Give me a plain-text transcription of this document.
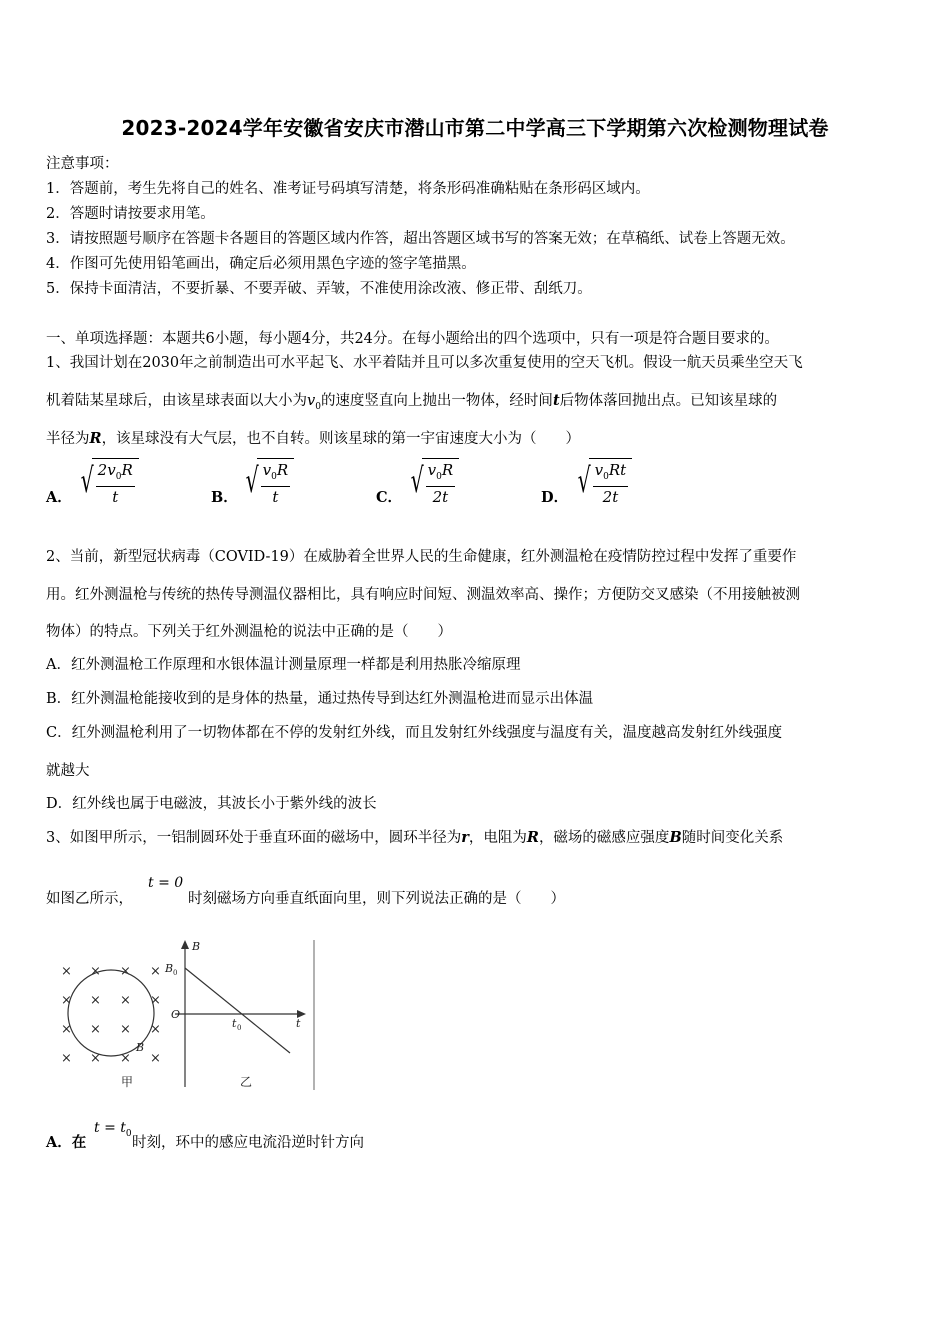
2023-2024学年安徽省安庆市潜山市第二中学高三下学期第六次检测物理试卷
注意事项：
1．答题前，考生先将自己的姓名、准考证号码填写清楚，将条形码准确粘贴在条形码区域内。
2．答题时请按要求用笔。
3．请按照题号顺序在答题卡各题目的答题区域内作答，超出答题区域书写的答案无效；在草稿纸、试卷上答题无效。
4．作图可先使用铅笔画出，确定后必须用黑色字迹的签字笔描黑。
5．保持卡面清洁，不要折暴、不要弄破、弄皱，不准使用涂改液、修正带、刮纸刀。
一、单项选择题：本题共6小题，每小题4分，共24分。在每小题给出的四个选项中，只有一项是符合题目要求的。
1、我国计划在2030年之前制造出可水平起飞、水平着陆并且可以多次重复使用的空天飞机。假设一航天员乘坐空天飞
机着陆某星球后，由该星球表面以大小为$v_0$的速度竖直向上抛出一物体，经时间t后物体落回抛出点。已知该星球的
半径为R，该星球没有大气层，也不自转。则该星球的第一宇宙速度大小为（　　）
A． √
$\frac{2v_0R}{t}$	B． √
$\frac{v_0R}{t}$	C． √
$\frac{v_0R}{2t}$	D． √
$\frac{v_0Rt}{2t}$
2、当前，新型冠状病毒（COVID-19）在威胁着全世界人民的生命健康，红外测温枪在疫情防控过程中发挥了重要作
用。红外测温枪与传统的热传导测温仪器相比，具有响应时间短、测温效率高、操作；方便防交叉感染（不用接触被测
物体）的特点。下列关于红外测温枪的说法中正确的是（　　）
A．红外测温枪工作原理和水银体温计测量原理一样都是利用热胀冷缩原理
B．红外测温枪能接收到的是身体的热量，通过热传导到达红外测温枪进而显示出体温
C．红外测温枪利用了一切物体都在不停的发射红外线，而且发射红外线强度与温度有关，温度越高发射红外线强度
就越大
D．红外线也属于电磁波，其波长小于紫外线的波长
3、如图甲所示，一铝制圆环处于垂直环面的磁场中，圆环半径为r，电阻为R，磁场的磁感应强度B随时间变化关系
如图乙所示，
t = 0
时刻磁场方向垂直纸面向里，则下列说法正确的是（　　）
× × × ×
× × × ×
× × × ×
× × × ×
B
甲
B
B 0
O
t 0	t
乙
A．在
$t = t_0$
时刻，环中的感应电流沿逆时针方向
